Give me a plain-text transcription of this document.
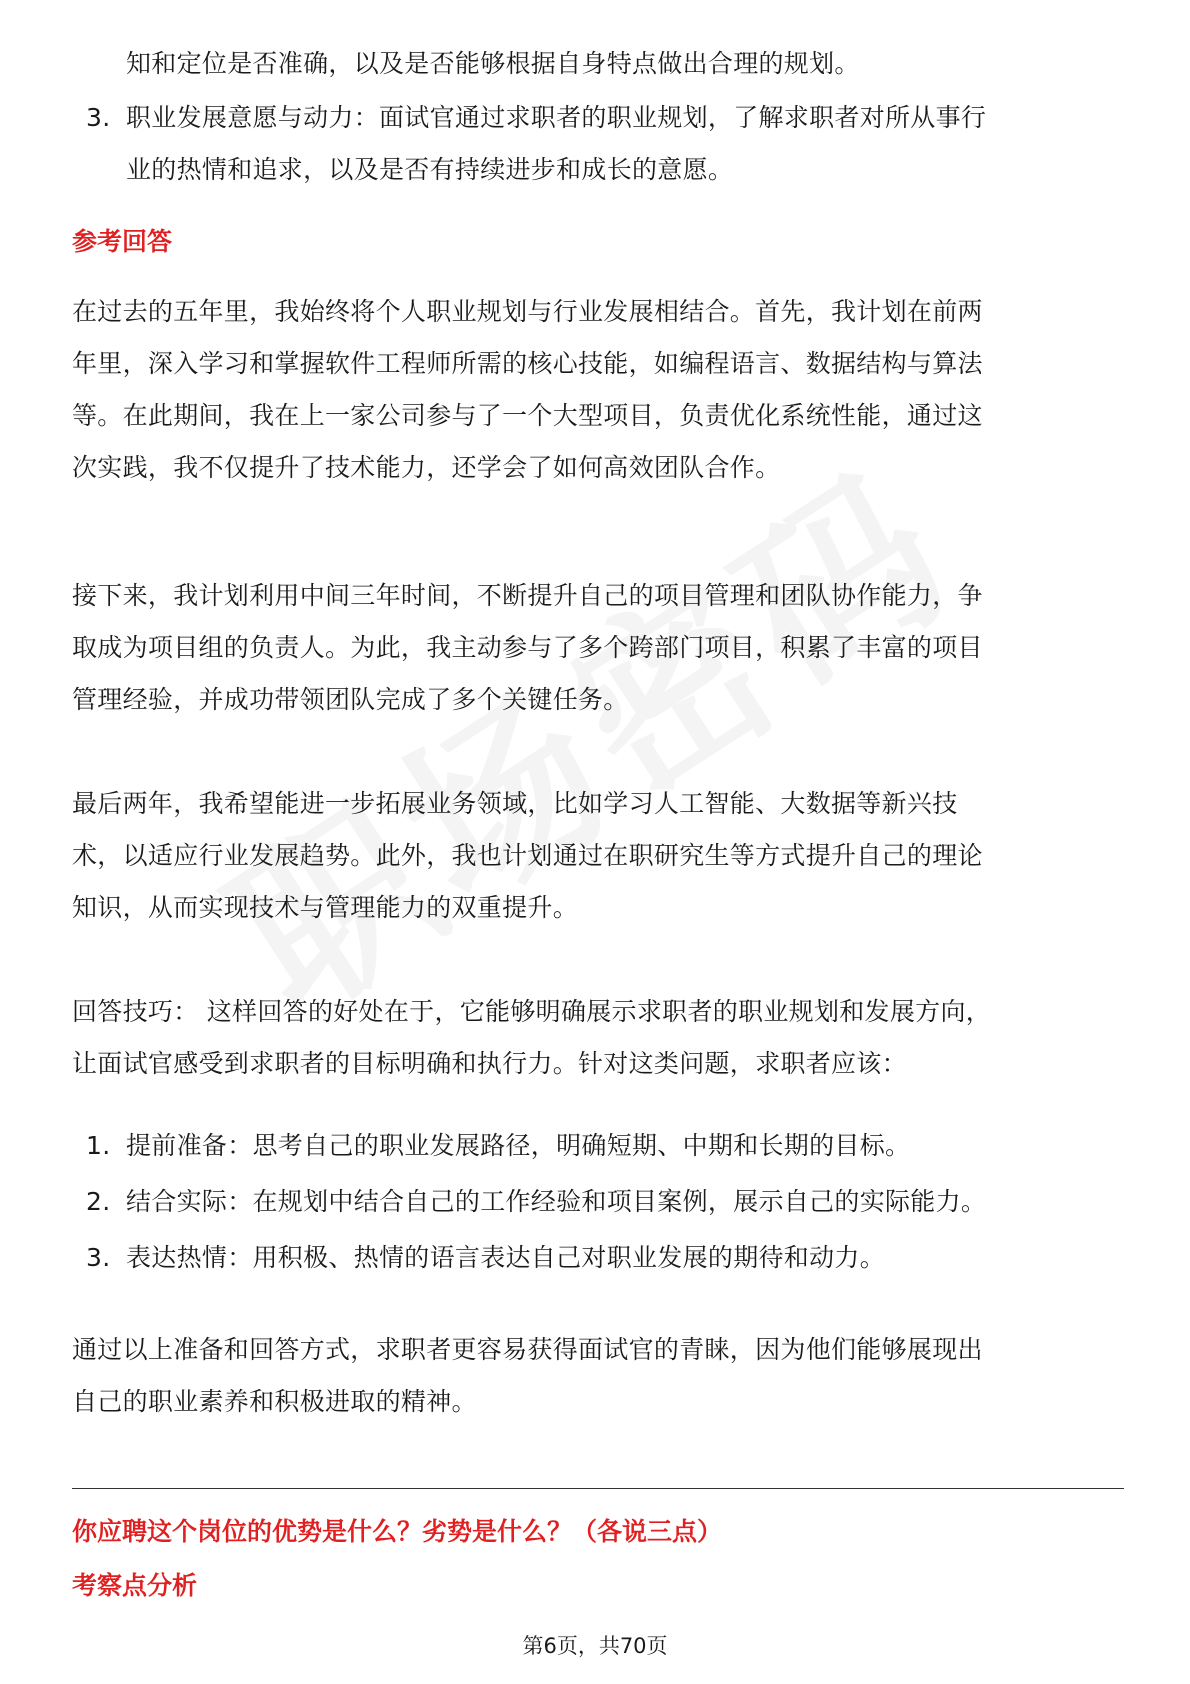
知和定位是否准确，以及是否能够根据自身特点做出合理的规划。
3. 职业发展意愿与动力：面试官通过求职者的职业规划，了解求职者对所从事行
业的热情和追求，以及是否有持续进步和成长的意愿。
参考回答
在过去的五年里，我始终将个人职业规划与行业发展相结合。首先，我计划在前两
年里，深入学习和掌握软件工程师所需的核心技能，如编程语言、数据结构与算法
等。在此期间，我在上一家公司参与了一个大型项目，负责优化系统性能，通过这
次实践，我不仅提升了技术能力，还学会了如何高效团队合作。
接下来，我计划利用中间三年时间，不断提升自己的项目管理和团队协作能力，争
取成为项目组的负责人。为此，我主动参与了多个跨部门项目，积累了丰富的项目
管理经验，并成功带领团队完成了多个关键任务。
最后两年，我希望能进一步拓展业务领域，比如学习人工智能、大数据等新兴技
术，以适应行业发展趋势。此外，我也计划通过在职研究生等方式提升自己的理论
知识，从而实现技术与管理能力的双重提升。
回答技巧： 这样回答的好处在于，它能够明确展示求职者的职业规划和发展方向，
让面试官感受到求职者的目标明确和执行力。针对这类问题，求职者应该：
1. 提前准备：思考自己的职业发展路径，明确短期、中期和长期的目标。
2. 结合实际：在规划中结合自己的工作经验和项目案例，展示自己的实际能力。
3. 表达热情：用积极、热情的语言表达自己对职业发展的期待和动力。
通过以上准备和回答方式，求职者更容易获得面试官的青睐，因为他们能够展现出
自己的职业素养和积极进取的精神。
你应聘这个岗位的优势是什么？劣势是什么？（各说三点）
考察点分析
第6页，共70页
